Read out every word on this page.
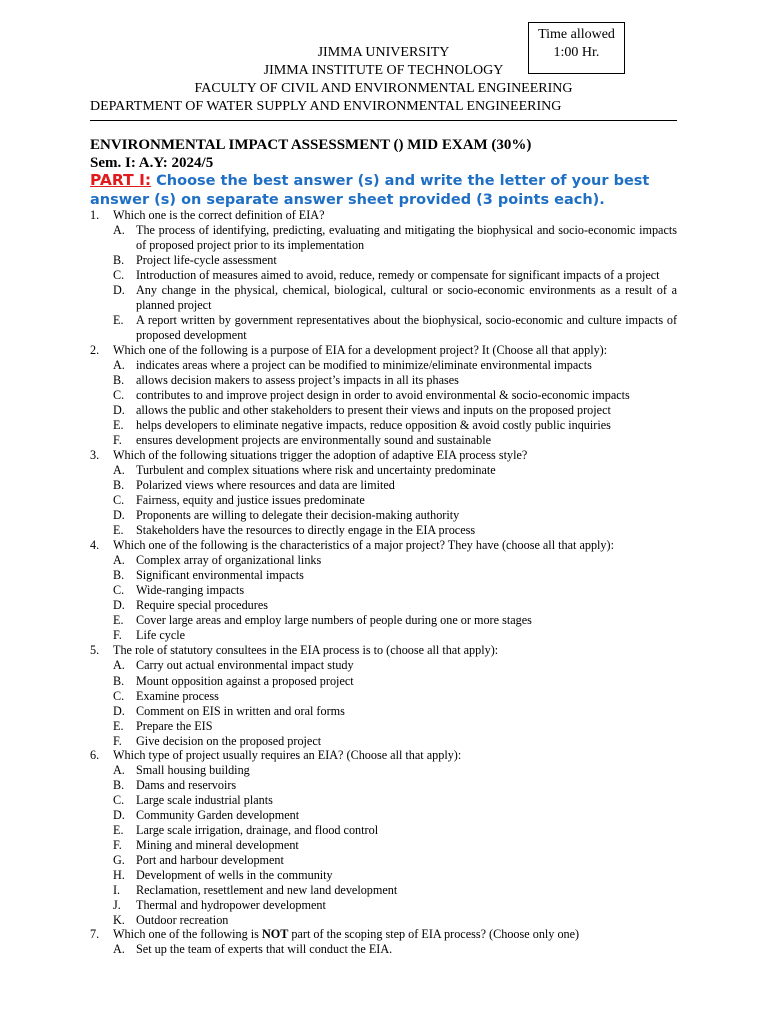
Time allowed
1:00 Hr.
JIMMA UNIVERSITY
JIMMA INSTITUTE OF TECHNOLOGY
FACULTY OF CIVIL AND ENVIRONMENTAL ENGINEERING
DEPARTMENT OF WATER SUPPLY AND ENVIRONMENTAL ENGINEERING
ENVIRONMENTAL IMPACT ASSESSMENT () MID EXAM (30%)
Sem. I: A.Y: 2024/5
PART I: Choose the best answer (s) and write the letter of your best answer (s) on separate answer sheet provided (3 points each).
1. Which one is the correct definition of EIA?
A. The process of identifying, predicting, evaluating and mitigating the biophysical and socio-economic impacts of proposed project prior to its implementation
B. Project life-cycle assessment
C. Introduction of measures aimed to avoid, reduce, remedy or compensate for significant impacts of a project
D. Any change in the physical, chemical, biological, cultural or socio-economic environments as a result of a planned project
E. A report written by government representatives about the biophysical, socio-economic and culture impacts of proposed development
2. Which one of the following is a purpose of EIA for a development project? It (Choose all that apply):
A. indicates areas where a project can be modified to minimize/eliminate environmental impacts
B. allows decision makers to assess project’s impacts in all its phases
C. contributes to and improve project design in order to avoid environmental & socio-economic impacts
D. allows the public and other stakeholders to present their views and inputs on the proposed project
E. helps developers to eliminate negative impacts, reduce opposition & avoid costly public inquiries
F. ensures development projects are environmentally sound and sustainable
3. Which of the following situations trigger the adoption of adaptive EIA process style?
A. Turbulent and complex situations where risk and uncertainty predominate
B. Polarized views where resources and data are limited
C. Fairness, equity and justice issues predominate
D. Proponents are willing to delegate their decision-making authority
E. Stakeholders have the resources to directly engage in the EIA process
4. Which one of the following is the characteristics of a major project? They have (choose all that apply):
A. Complex array of organizational links
B. Significant environmental impacts
C. Wide-ranging impacts
D. Require special procedures
E. Cover large areas and employ large numbers of people during one or more stages
F. Life cycle
5. The role of statutory consultees in the EIA process is to (choose all that apply):
A. Carry out actual environmental impact study
B. Mount opposition against a proposed project
C. Examine process
D. Comment on EIS in written and oral forms
E. Prepare the EIS
F. Give decision on the proposed project
6. Which type of project usually requires an EIA? (Choose all that apply):
A. Small housing building
B. Dams and reservoirs
C. Large scale industrial plants
D. Community Garden development
E. Large scale irrigation, drainage, and flood control
F. Mining and mineral development
G. Port and harbour development
H. Development of wells in the community
I. Reclamation, resettlement and new land development
J. Thermal and hydropower development
K. Outdoor recreation
7. Which one of the following is NOT part of the scoping step of EIA process? (Choose only one)
A. Set up the team of experts that will conduct the EIA.
